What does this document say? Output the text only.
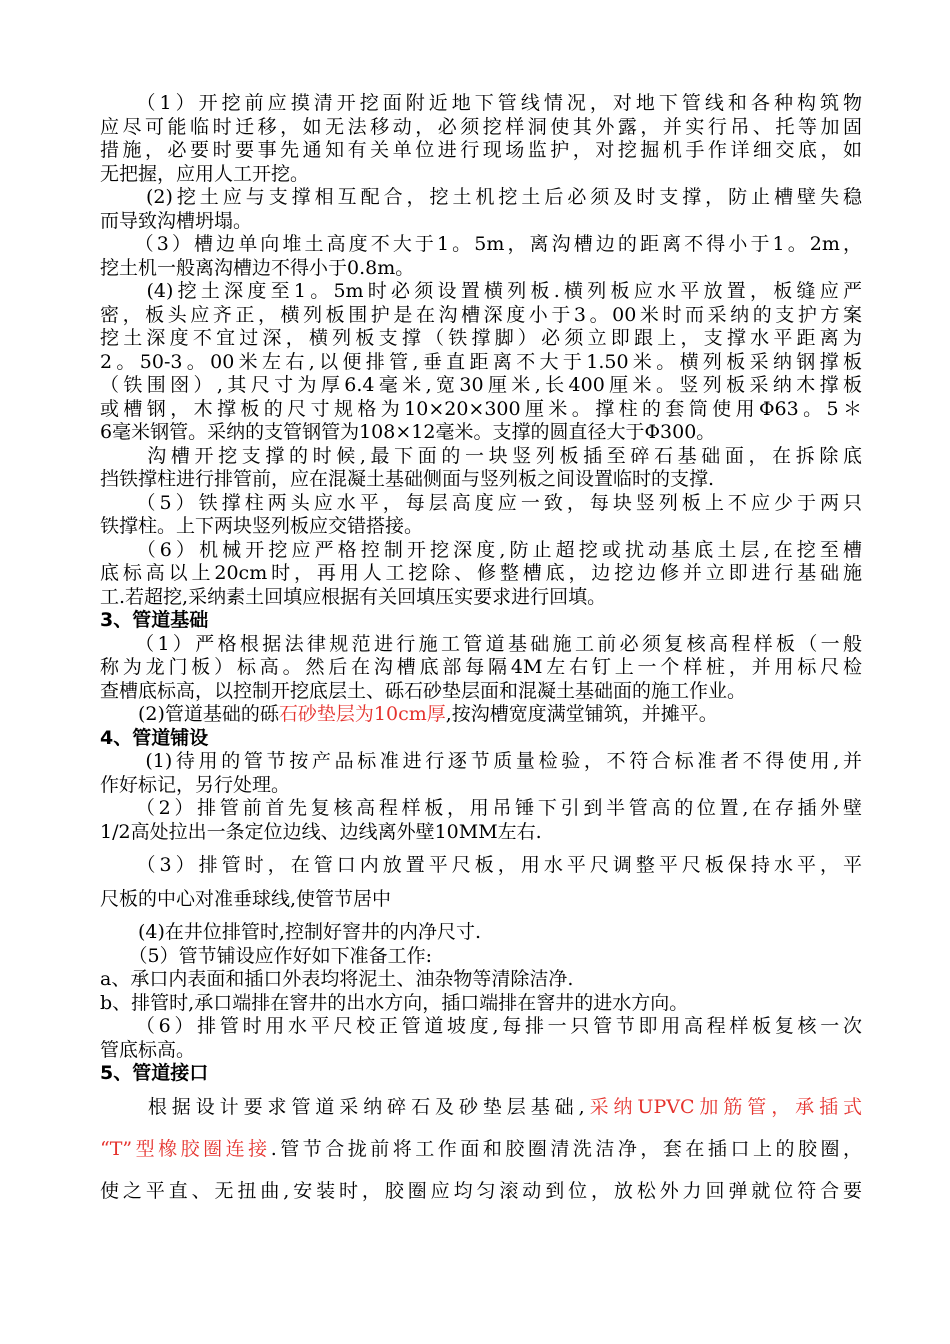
　　（1）开挖前应摸清开挖面附近地下管线情况，对地下管线和各种构筑物
应尽可能临时迁移，如无法移动，必须挖样洞使其外露，并实行吊、托等加固
措施，必要时要事先通知有关单位进行现场监护，对挖掘机手作详细交底，如
无把握，应用人工开挖。
　　(2)挖土应与支撑相互配合，挖土机挖土后必须及时支撑，防止槽壁失稳
而导致沟槽坍塌。
　　（3）槽边单向堆土高度不大于1。5m，离沟槽边的距离不得小于1。2m，
挖土机一般离沟槽边不得小于0.8m。
　　(4)挖土深度至1。5m时必须设置横列板.横列板应水平放置，板缝应严
密，板头应齐正，横列板围护是在沟槽深度小于3。00米时而采纳的支护方案
挖土深度不宜过深，横列板支撑（铁撑脚）必须立即跟上，支撑水平距离为
2。50-3。00米左右,以便排管,垂直距离不大于1.50米。横列板采纳钢撑板
（铁围囹）,其尺寸为厚6.4毫米,宽30厘米,长400厘米。竖列板采纳木撑板
或槽钢，木撑板的尺寸规格为10×20×300厘米。撑柱的套筒使用Φ63。5＊
6毫米钢管。采纳的支管钢管为108×12毫米。支撑的圆直径大于Φ300。
　　沟槽开挖支撑的时候,最下面的一块竖列板插至碎石基础面，在拆除底
挡铁撑柱进行排管前，应在混凝土基础侧面与竖列板之间设置临时的支撑.
　　（5）铁撑柱两头应水平，每层高度应一致，每块竖列板上不应少于两只
铁撑柱。上下两块竖列板应交错搭接。
　　（6）机械开挖应严格控制开挖深度,防止超挖或扰动基底土层,在挖至槽
底标高以上20cm时，再用人工挖除、修整槽底，边挖边修并立即进行基础施
工.若超挖,采纳素土回填应根据有关回填压实要求进行回填。
3、管道基础
　　（1）严格根据法律规范进行施工管道基础施工前必须复核高程样板（一般
称为龙门板）标高。然后在沟槽底部每隔4M左右钉上一个样桩，并用标尺检
查槽底标高，以控制开挖底层土、砾石砂垫层面和混凝土基础面的施工作业。
　　(2)管道基础的砾石砂垫层为10cm厚,按沟槽宽度满堂铺筑，并摊平。
4、管道铺设
　　(1)待用的管节按产品标准进行逐节质量检验，不符合标准者不得使用,并
作好标记，另行处理。
　　（2）排管前首先复核高程样板，用吊锤下引到半管高的位置,在存插外壁
1/2高处拉出一条定位边线、边线离外壁10MM左右.
　　（3）排管时，在管口内放置平尺板，用水平尺调整平尺板保持水平，平
尺板的中心对准垂球线,使管节居中
　　(4)在井位排管时,控制好窨井的内净尺寸.
　　（5）管节铺设应作好如下准备工作:
a、承口内表面和插口外表均将泥土、油杂物等清除洁净.
b、排管时,承口端排在窨井的出水方向，插口端排在窨井的进水方向。
　　（6）排管时用水平尺校正管道坡度,每排一只管节即用高程样板复核一次
管底标高。
5、管道接口
　　根据设计要求管道采纳碎石及砂垫层基础,采纳UPVC加筋管，承插式
“T”型橡胶圈连接.管节合拢前将工作面和胶圈清洗洁净，套在插口上的胶圈，
使之平直、无扭曲,安装时，胶圈应均匀滚动到位，放松外力回弹就位符合要
